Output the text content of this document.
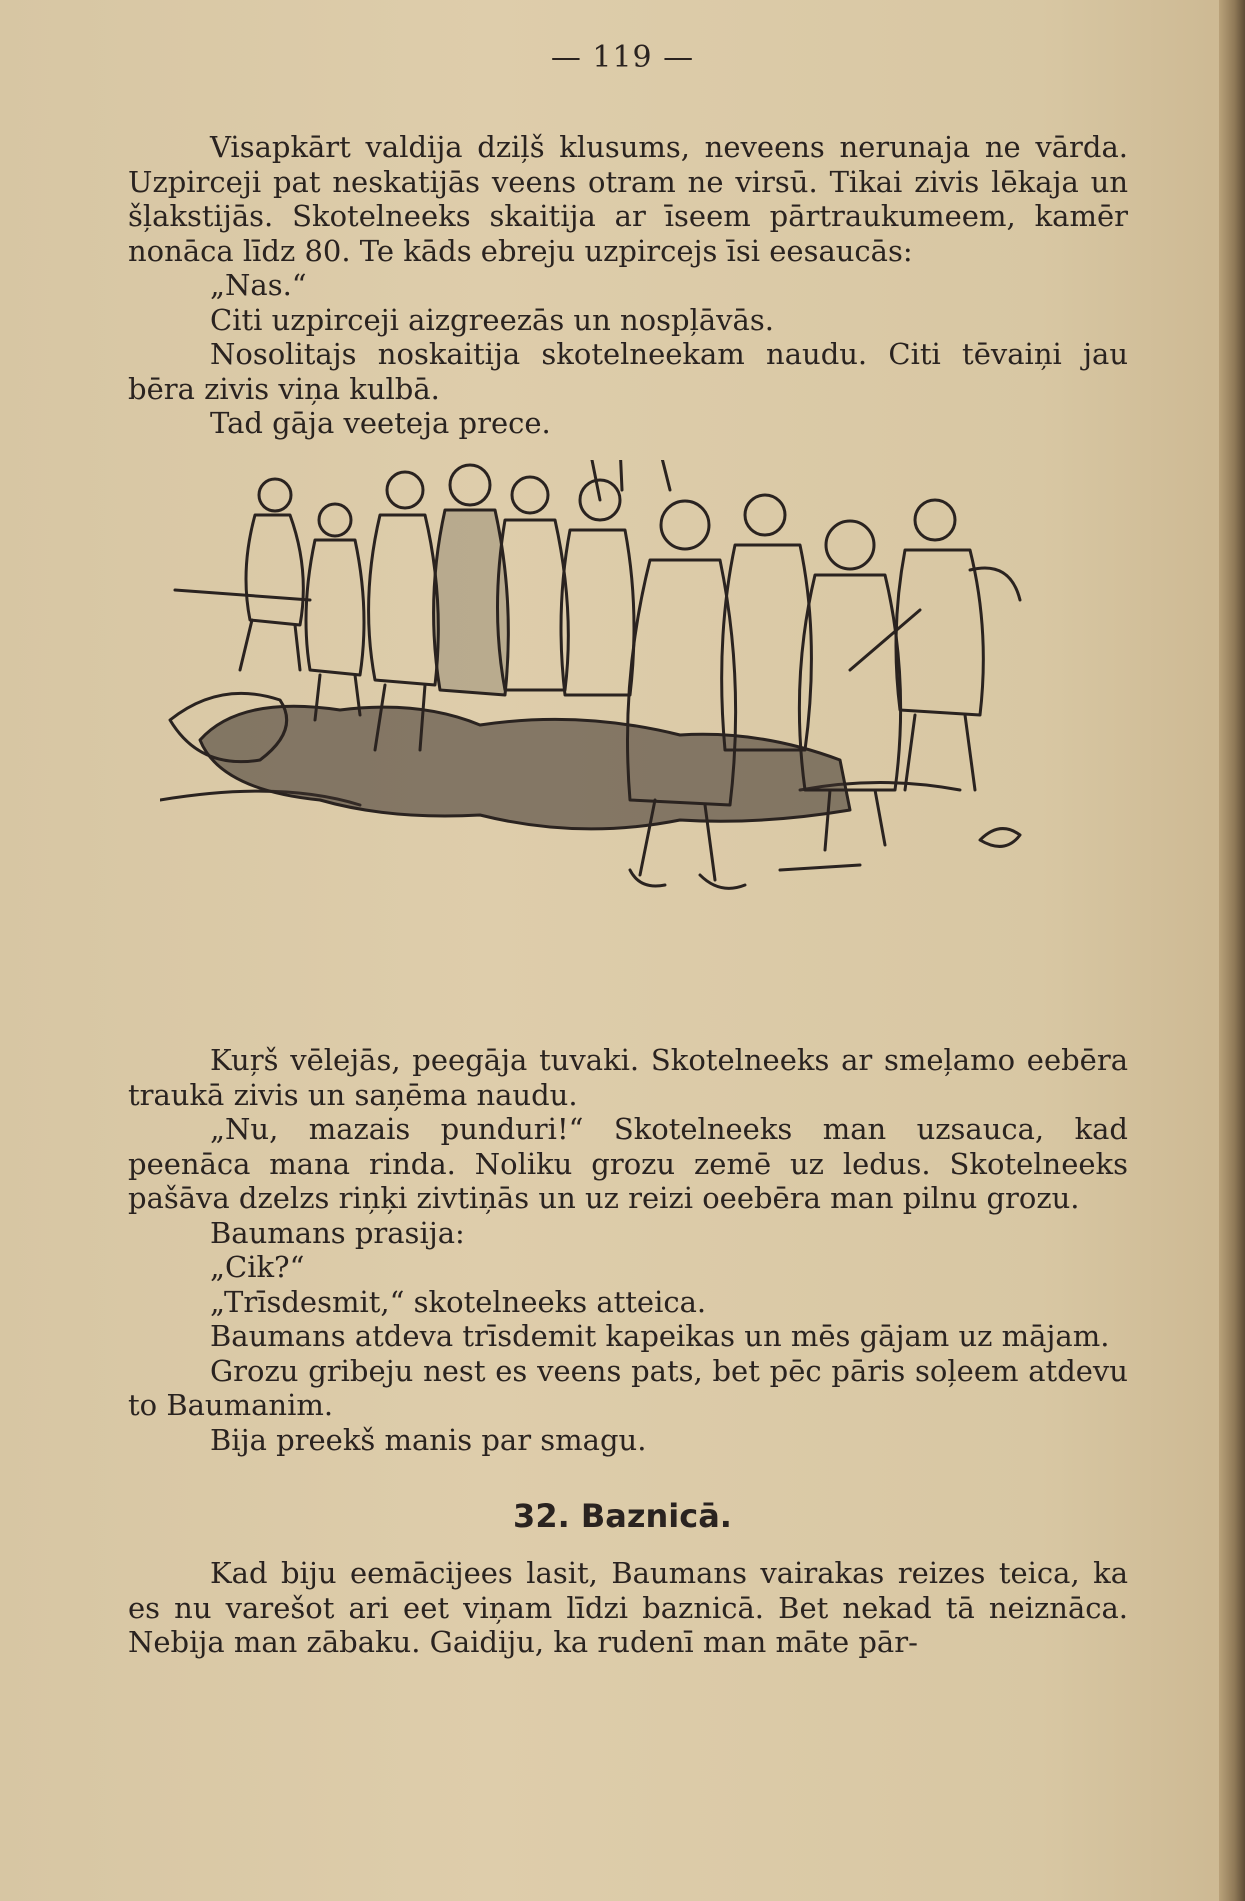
— 119 —

Visapkārt valdija dziļš klusums, neveens nerunaja ne vārda. Uzpirceji pat neskatijās veens otram ne virsū. Tikai zivis lēkaja un šļakstijās. Skotelneeks skaitija ar īseem pārtraukumeem, kamēr nonāca līdz 80. Te kāds ebreju uzpircejs īsi eesaucās:

„Nas.“

Citi uzpirceji aizgreezās un nospļāvās.

Nosolitajs noskaitija skotelneekam naudu. Citi tēvaiņi jau bēra zivis viņa kulbā.

Tad gāja veeteja prece.

Kuŗš vēlejās, peegāja tuvaki. Skotelneeks ar smeļamo eebēra traukā zivis un saņēma naudu.

„Nu, mazais punduri!“ Skotelneeks man uzsauca, kad peenāca mana rinda. Noliku grozu zemē uz ledus. Skotelneeks pašāva dzelzs riņķi zivtiņās un uz reizi oeebēra man pilnu grozu.

Baumans prasija:

„Cik?“

„Trīsdesmit,“ skotelneeks atteica.

Baumans atdeva trīsdemit kapeikas un mēs gājam uz mājam.

Grozu gribeju nest es veens pats, bet pēc pāris soļeem atdevu to Baumanim.

Bija preekš manis par smagu.

32. Baznicā.

Kad biju eemācijees lasit, Baumans vairakas reizes teica, ka es nu varešot ari eet viņam līdzi baznicā. Bet nekad tā neiznāca. Nebija man zābaku. Gaidiju, ka rudenī man māte pār-
